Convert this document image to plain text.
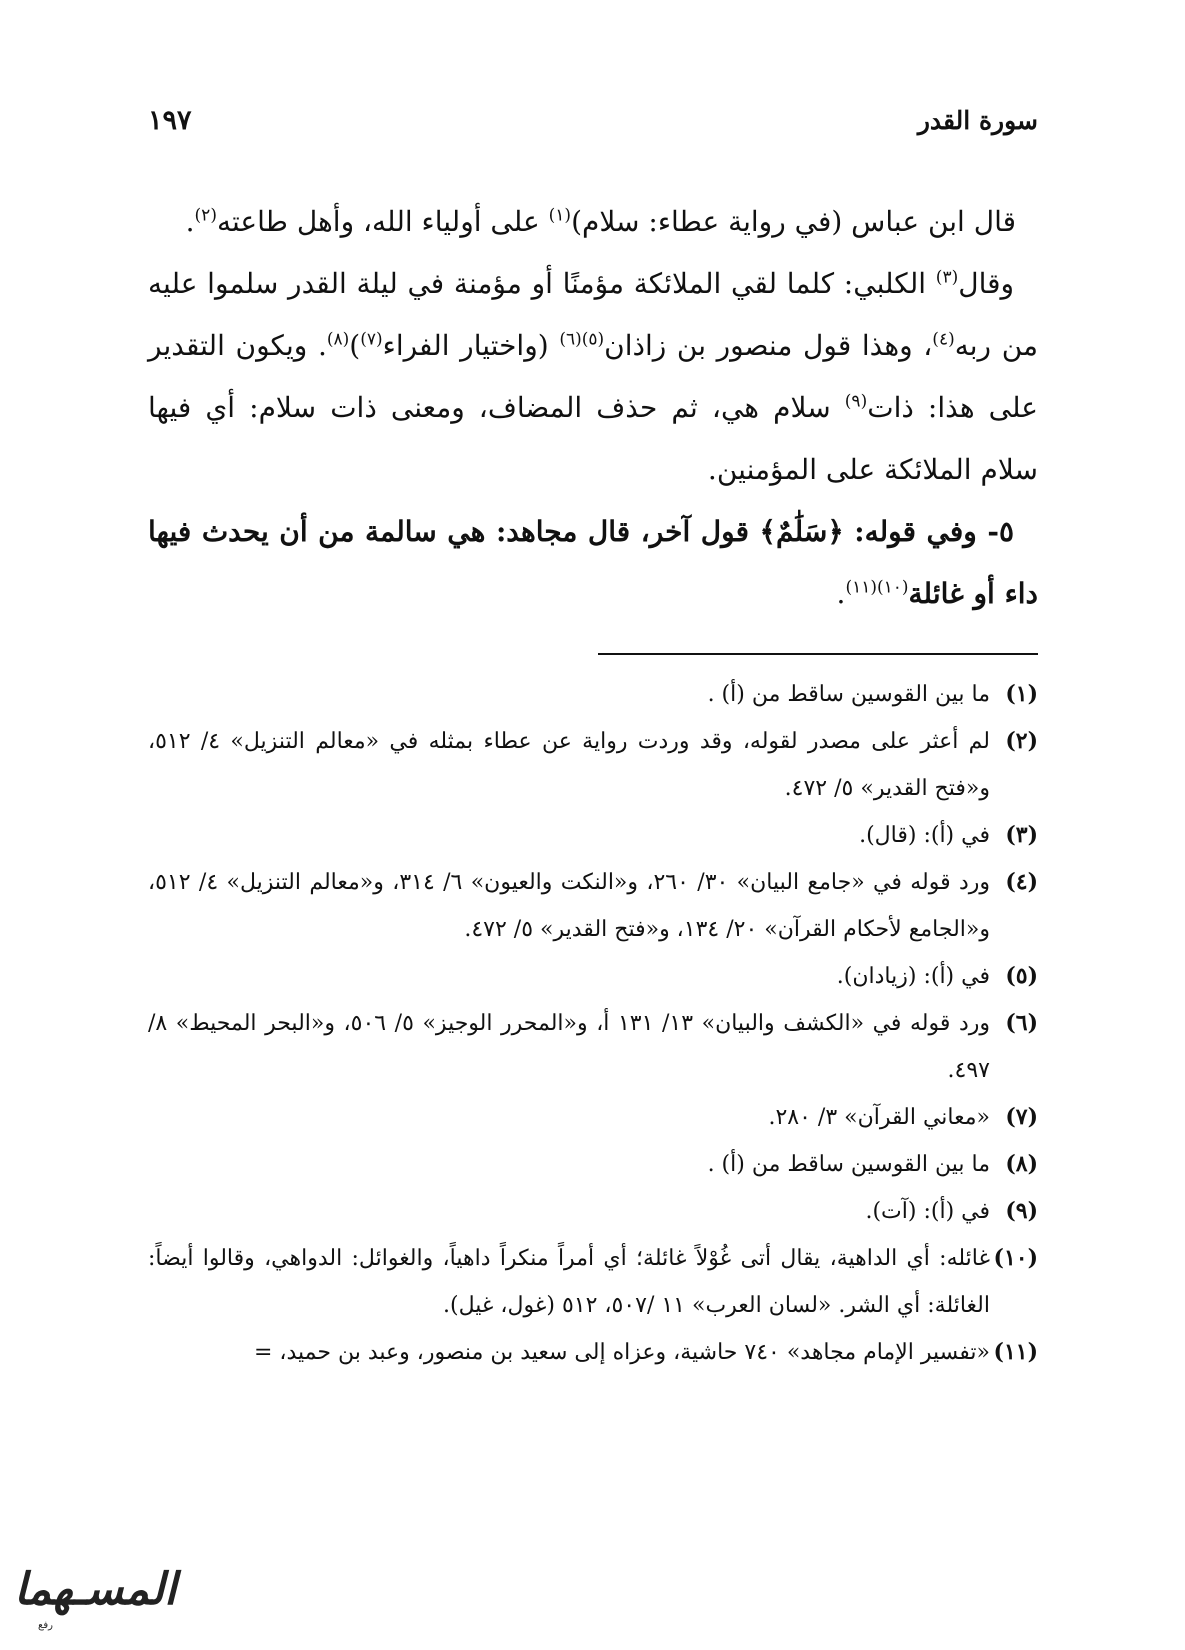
سورة القدر
١٩٧

قال ابن عباس (في رواية عطاء: سلام)$^{(١)}$ على أولياء الله، وأهل طاعته$^{(٢)}$.

وقال$^{(٣)}$ الكلبي: كلما لقي الملائكة مؤمنًا أو مؤمنة في ليلة القدر سلموا عليه من ربه$^{(٤)}$، وهذا قول منصور بن زاذان$^{(٥)(٦)}$ (واختيار الفراء$^{(٧)}$)$^{(٨)}$. ويكون التقدير على هذا: ذات$^{(٩)}$ سلام هي، ثم حذف المضاف، ومعنى ذات سلام: أي فيها سلام الملائكة على المؤمنين.

٥- وفي قوله: ﴿سَلَٰمٌ﴾ قول آخر، قال مجاهد: هي سالمة من أن يحدث فيها داء أو غائلة$^{(١٠)(١١)}$.

(١)
ما بين القوسين ساقط من (أ) .
(٢)
لم أعثر على مصدر لقوله، وقد وردت رواية عن عطاء بمثله في «معالم التنزيل» ٤/ ٥١٢، و«فتح القدير» ٥/ ٤٧٢.
(٣)
في (أ): (قال).
(٤)
ورد قوله في «جامع البيان» ٣٠/ ٢٦٠، و«النكت والعيون» ٦/ ٣١٤، و«معالم التنزيل» ٤/ ٥١٢، و«الجامع لأحكام القرآن» ٢٠/ ١٣٤، و«فتح القدير» ٥/ ٤٧٢.
(٥)
في (أ): (زيادان).
(٦)
ورد قوله في «الكشف والبيان» ١٣/ ١٣١ أ، و«المحرر الوجيز» ٥/ ٥٠٦، و«البحر المحيط» ٨/ ٤٩٧.
(٧)
«معاني القرآن» ٣/ ٢٨٠.
(٨)
ما بين القوسين ساقط من (أ) .
(٩)
في (أ): (آت).
(١٠)
غائله: أي الداهية، يقال أتى غُوْلاً غائلة؛ أي أمراً منكراً داهياً، والغوائل: الدواهي، وقالوا أيضاً: الغائلة: أي الشر. «لسان العرب» ١١ /٥٠٧، ٥١٢ (غول، غيل).
(١١)
«تفسير الإمام مجاهد» ٧٤٠ حاشية، وعزاه إلى سعيد بن منصور، وعبد بن حميد، =
المسـهما
رفع
